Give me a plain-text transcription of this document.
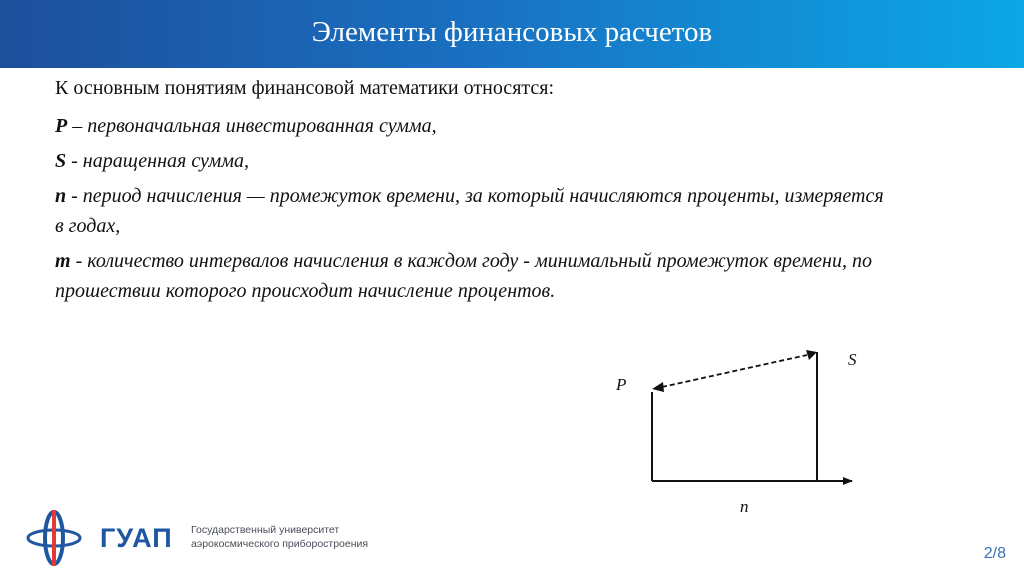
Элементы финансовых расчетов

К основным понятиям финансовой математики относятся:

P – первоначальная инвестированная сумма,

S - наращенная сумма,

n - период начисления — промежуток времени, за который начисляются проценты, измеряется в годах,

m - количество интервалов начисления в каждом году - минимальный промежуток времени, по прошествии которого происходит начисление процентов.

P
S
n
ГУАП Государственный университет
аэрокосмического приборостроения
2/8
